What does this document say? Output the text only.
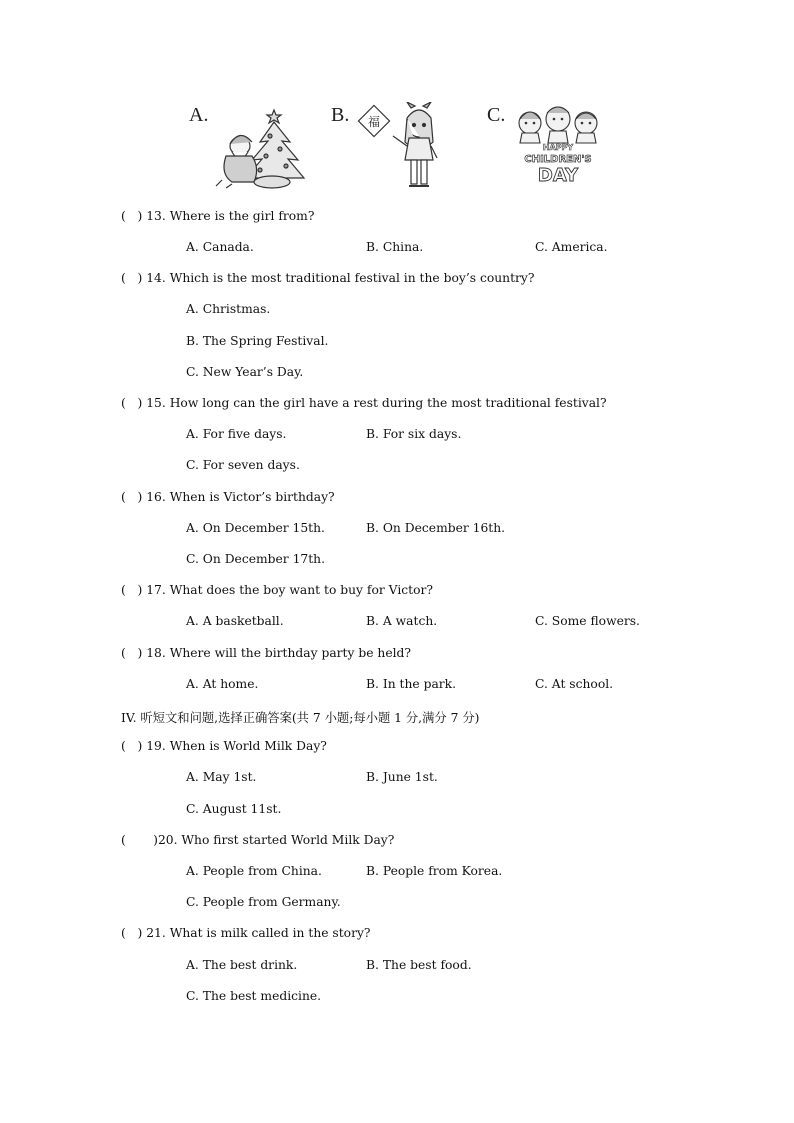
A.	B.	C.
福
HAPPY
CHILDREN'S
DAY
(   ) 13. Where is the girl from?
A. Canada.	B. China.	C. America.
(   ) 14. Which is the most traditional festival in the boy’s country?
A. Christmas.
B. The Spring Festival.
C. New Year’s Day.
(   ) 15. How long can the girl have a rest during the most traditional festival?
A. For five days.	B. For six days.
C. For seven days.
(   ) 16. When is Victor’s birthday?
A. On December 15th.	B. On December 16th.
C. On December 17th.
(   ) 17. What does the boy want to buy for Victor?
A. A basketball.	B. A watch.	C. Some flowers.
(   ) 18. Where will the birthday party be held?
A. At home.	B. In the park.	C. At school.
IV. 听短文和问题,选择正确答案(共 7 小题;每小题 1 分,满分 7 分)
(   ) 19. When is World Milk Day?
A. May 1st.	B. June 1st.
C. August 11st.
(       )20. Who first started World Milk Day?
A. People from China.	B. People from Korea.
C. People from Germany.
(   ) 21. What is milk called in the story?
A. The best drink.	B. The best food.
C. The best medicine.
